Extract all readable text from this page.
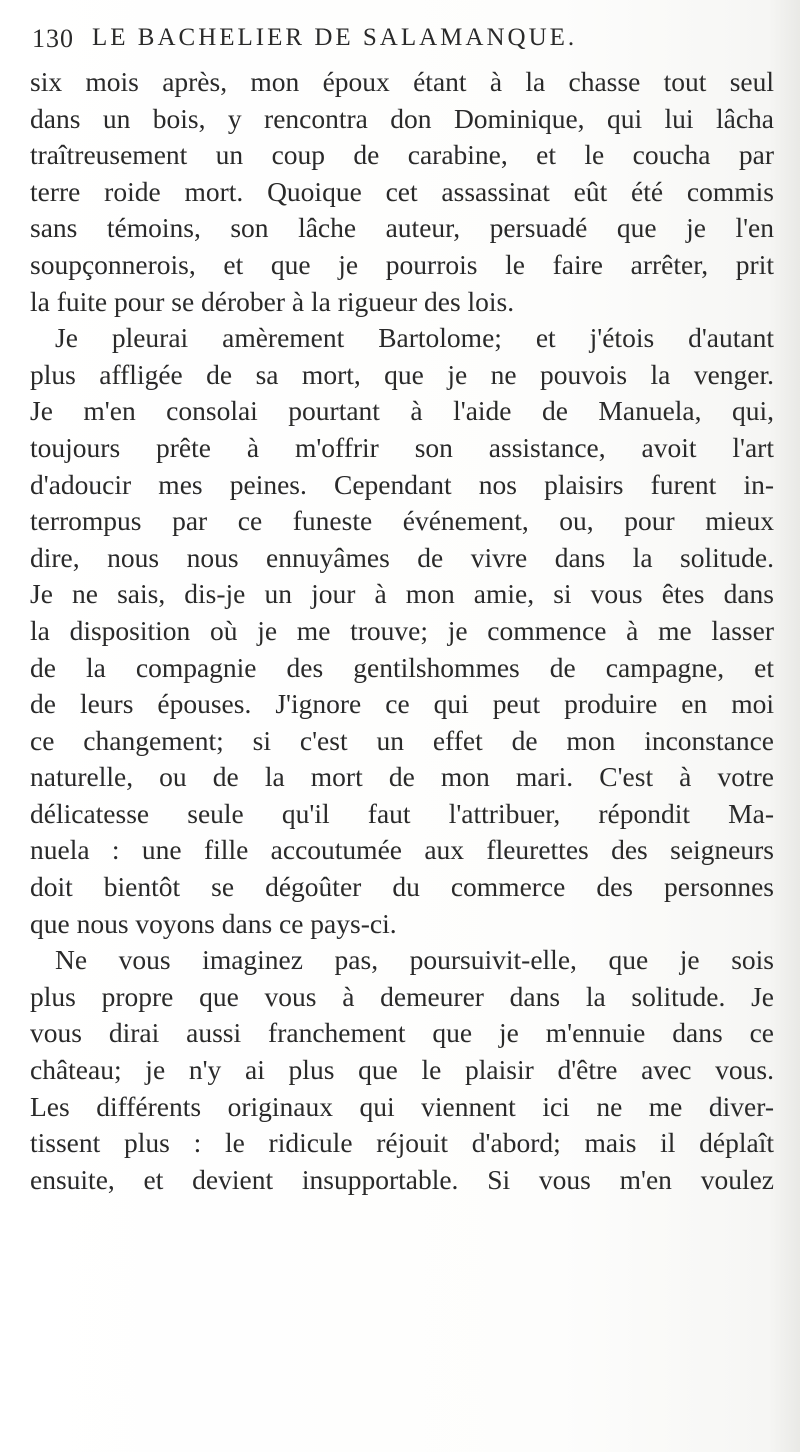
130 LE BACHELIER DE SALAMANQUE.
six mois après, mon époux étant à la chasse tout seul
dans un bois, y rencontra don Dominique, qui lui lâcha
traîtreusement un coup de carabine, et le coucha par
terre roide mort. Quoique cet assassinat eût été commis
sans témoins, son lâche auteur, persuadé que je l'en
soupçonnerois, et que je pourrois le faire arrêter, prit
la fuite pour se dérober à la rigueur des lois.
Je pleurai amèrement Bartolome; et j'étois d'autant
plus affligée de sa mort, que je ne pouvois la venger.
Je m'en consolai pourtant à l'aide de Manuela, qui,
toujours prête à m'offrir son assistance, avoit l'art
d'adoucir mes peines. Cependant nos plaisirs furent in-
terrompus par ce funeste événement, ou, pour mieux
dire, nous nous ennuyâmes de vivre dans la solitude.
Je ne sais, dis-je un jour à mon amie, si vous êtes dans
la disposition où je me trouve; je commence à me lasser
de la compagnie des gentilshommes de campagne, et
de leurs épouses. J'ignore ce qui peut produire en moi
ce changement; si c'est un effet de mon inconstance
naturelle, ou de la mort de mon mari. C'est à votre
délicatesse seule qu'il faut l'attribuer, répondit Ma-
nuela : une fille accoutumée aux fleurettes des seigneurs
doit bientôt se dégoûter du commerce des personnes
que nous voyons dans ce pays-ci.
Ne vous imaginez pas, poursuivit-elle, que je sois
plus propre que vous à demeurer dans la solitude. Je
vous dirai aussi franchement que je m'ennuie dans ce
château; je n'y ai plus que le plaisir d'être avec vous.
Les différents originaux qui viennent ici ne me diver-
tissent plus : le ridicule réjouit d'abord; mais il déplaît
ensuite, et devient insupportable. Si vous m'en voulez
